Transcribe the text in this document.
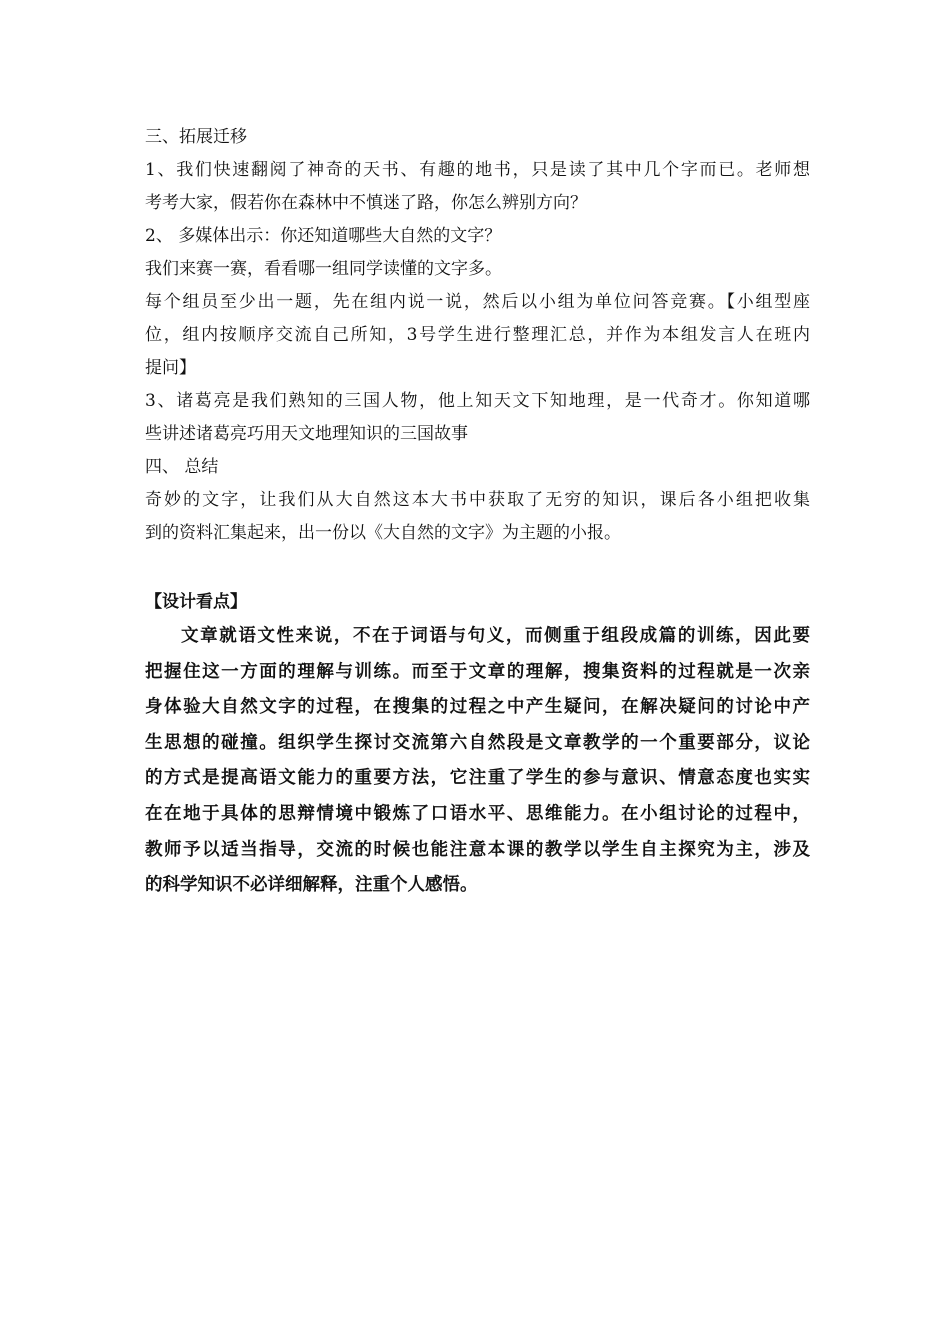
三、拓展迁移
1、我们快速翻阅了神奇的天书、有趣的地书，只是读了其中几个字而已。老师想
考考大家，假若你在森林中不慎迷了路，你怎么辨别方向？
2、 多媒体出示：你还知道哪些大自然的文字？
我们来赛一赛，看看哪一组同学读懂的文字多。
每个组员至少出一题，先在组内说一说，然后以小组为单位问答竞赛。【小组型座
位，组内按顺序交流自己所知，3号学生进行整理汇总，并作为本组发言人在班内
提问】
3、诸葛亮是我们熟知的三国人物，他上知天文下知地理，是一代奇才。你知道哪
些讲述诸葛亮巧用天文地理知识的三国故事
四、 总结
奇妙的文字，让我们从大自然这本大书中获取了无穷的知识，课后各小组把收集
到的资料汇集起来，出一份以《大自然的文字》为主题的小报。
【设计看点】
文章就语文性来说，不在于词语与句义，而侧重于组段成篇的训练，因此要
把握住这一方面的理解与训练。而至于文章的理解，搜集资料的过程就是一次亲
身体验大自然文字的过程，在搜集的过程之中产生疑问，在解决疑问的讨论中产
生思想的碰撞。组织学生探讨交流第六自然段是文章教学的一个重要部分，议论
的方式是提高语文能力的重要方法，它注重了学生的参与意识、情意态度也实实
在在地于具体的思辩情境中锻炼了口语水平、思维能力。在小组讨论的过程中，
教师予以适当指导，交流的时候也能注意本课的教学以学生自主探究为主，涉及
的科学知识不必详细解释，注重个人感悟。
